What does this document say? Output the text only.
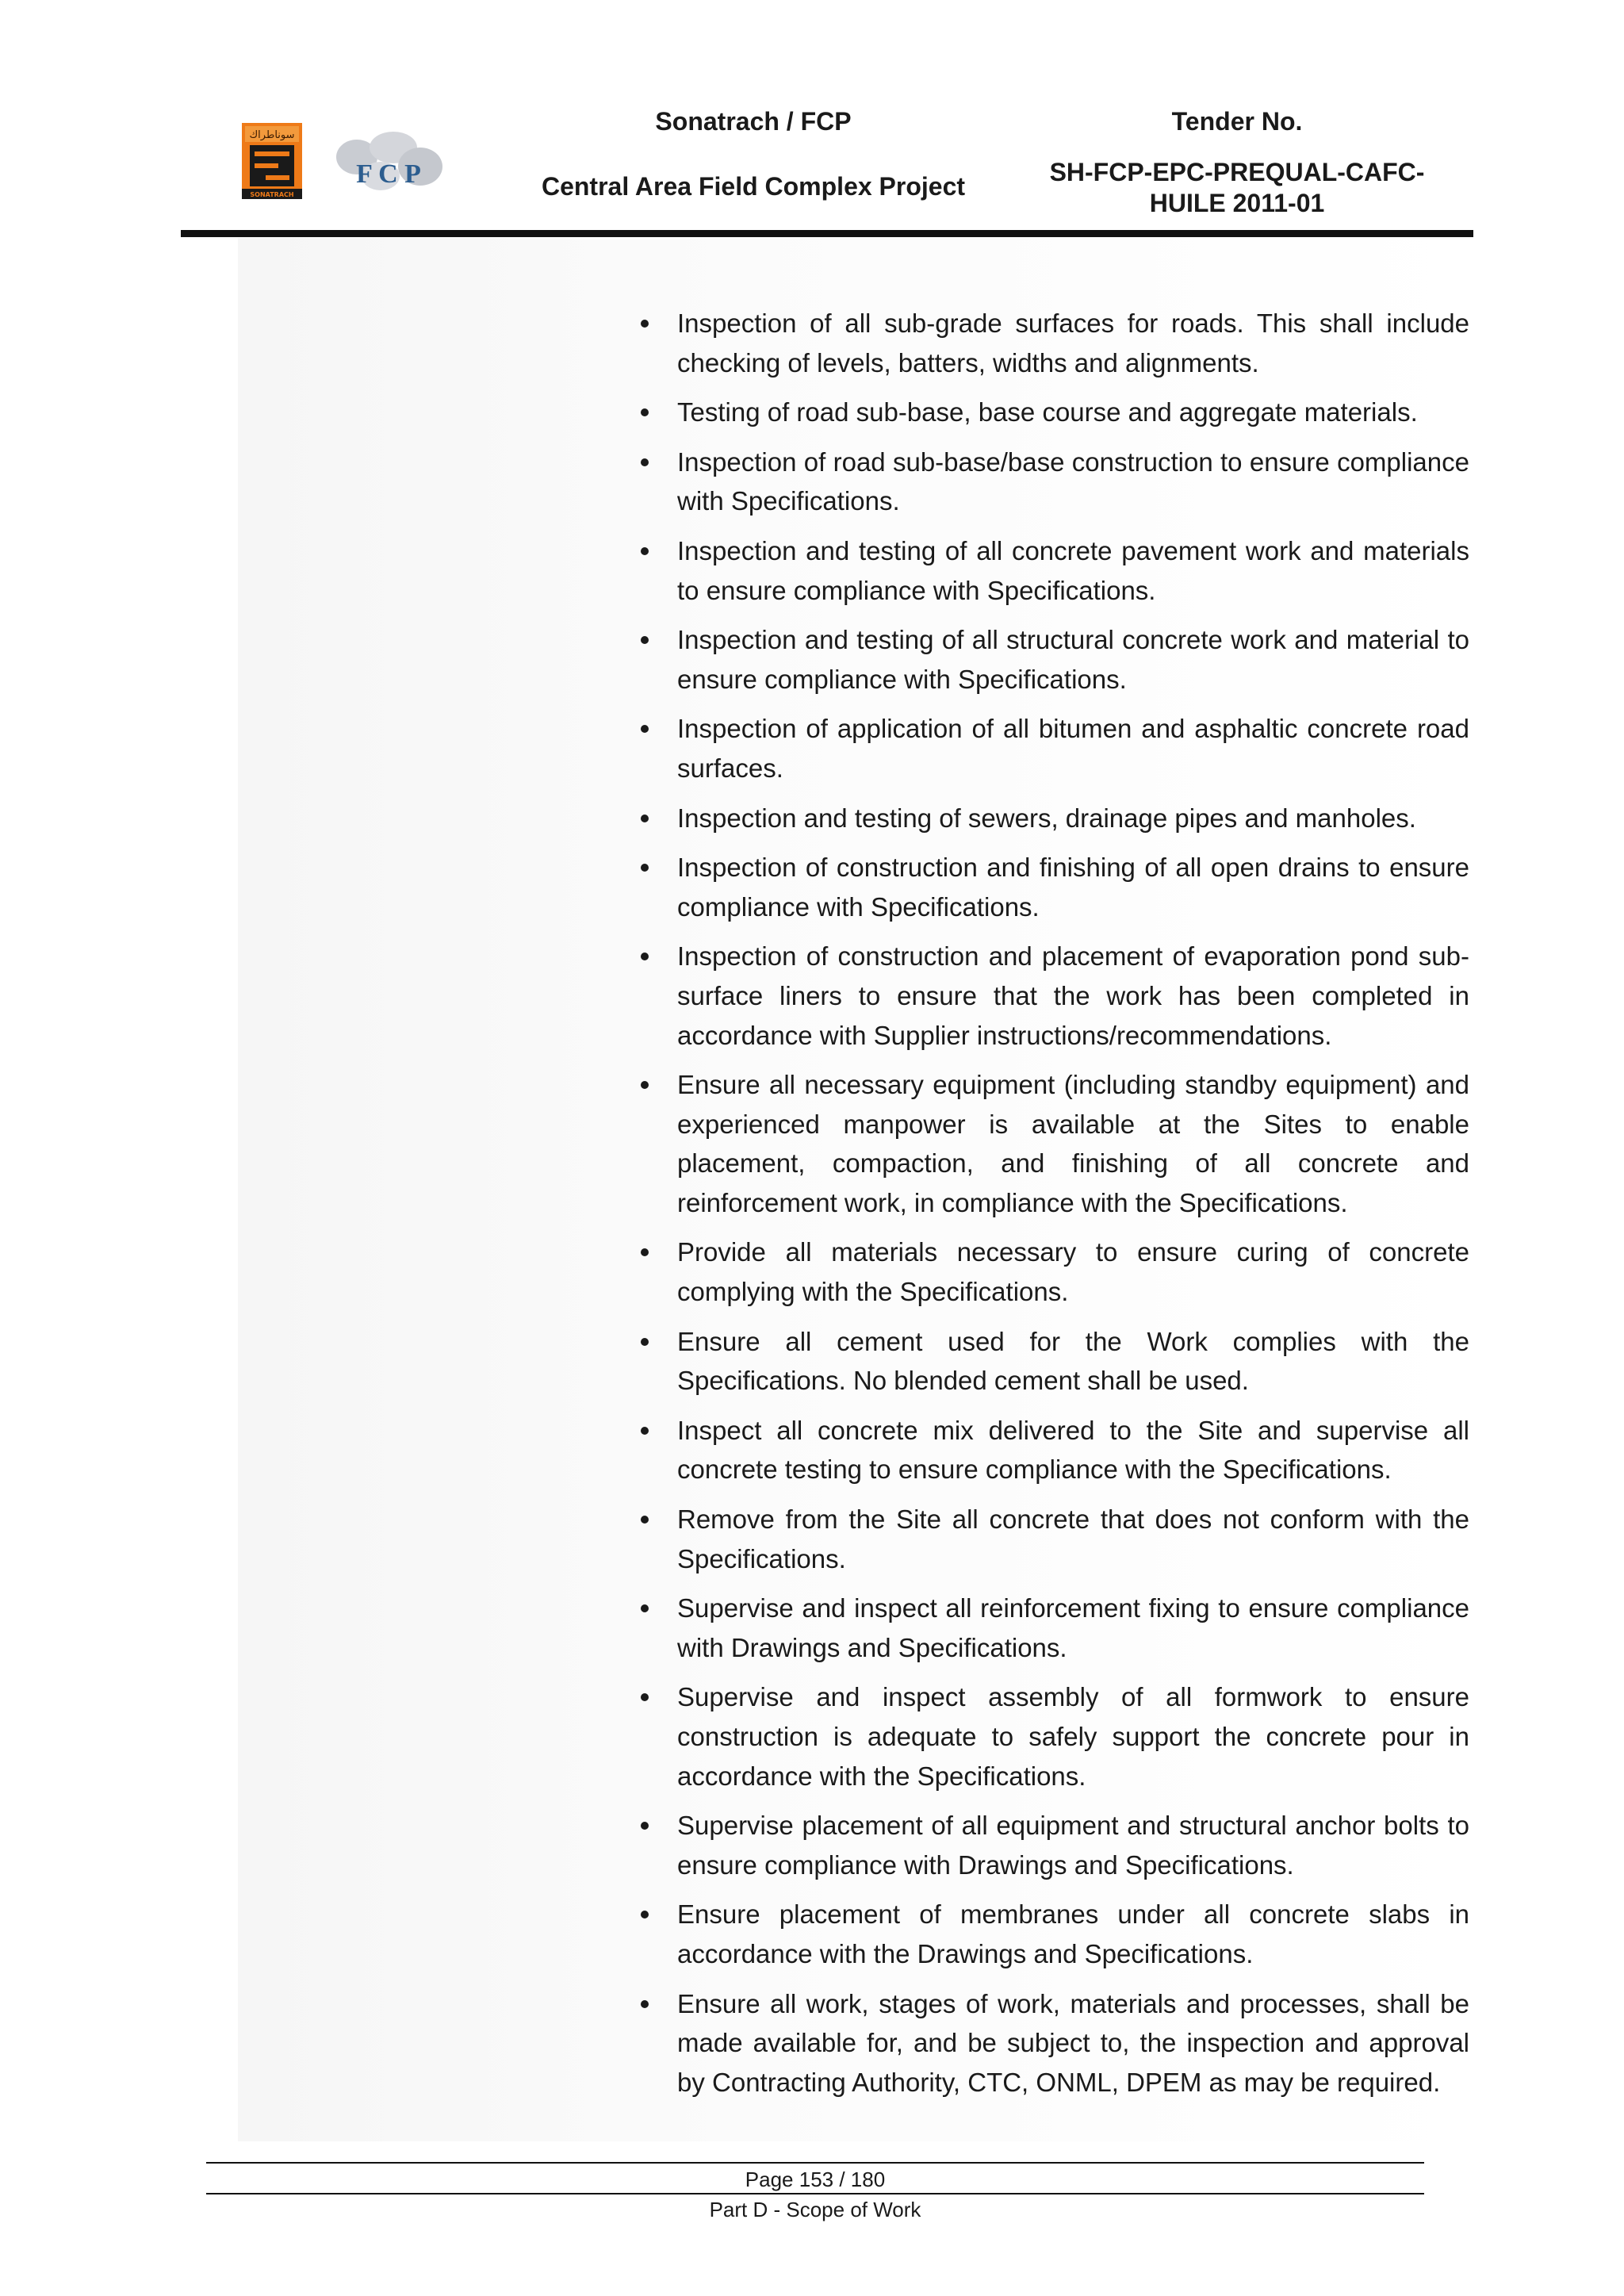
سوناطراك
SONATRACH
F C P
Sonatrach / FCP
Central Area Field Complex Project
Tender No.
SH-FCP-EPC-PREQUAL-CAFC-
HUILE 2011-01
Inspection of all sub-grade surfaces for roads. This shall include checking of levels, batters, widths and alignments.
Testing of road sub-base, base course and aggregate materials.
Inspection of road sub-base/base construction to ensure compliance with Specifications.
Inspection and testing of all concrete pavement work and materials to ensure compliance with Specifications.
Inspection and testing of all structural concrete work and material to ensure compliance with Specifications.
Inspection of application of all bitumen and asphaltic concrete road surfaces.
Inspection and testing of sewers, drainage pipes and manholes.
Inspection of construction and finishing of all open drains to ensure compliance with Specifications.
Inspection of construction and placement of evaporation pond sub-surface liners to ensure that the work has been completed in accordance with Supplier instructions/recommendations.
Ensure all necessary equipment (including standby equipment) and experienced manpower is available at the Sites to enable placement, compaction, and finishing of all concrete and reinforcement work, in compliance with the Specifications.
Provide all materials necessary to ensure curing of concrete complying with the Specifications.
Ensure all cement used for the Work complies with the Specifications. No blended cement shall be used.
Inspect all concrete mix delivered to the Site and supervise all concrete testing to ensure compliance with the Specifications.
Remove from the Site all concrete that does not conform with the Specifications.
Supervise and inspect all reinforcement fixing to ensure compliance with Drawings and Specifications.
Supervise and inspect assembly of all formwork to ensure construction is adequate to safely support the concrete pour in accordance with the Specifications.
Supervise placement of all equipment and structural anchor bolts to ensure compliance with Drawings and Specifications.
Ensure placement of membranes under all concrete slabs in accordance with the Drawings and Specifications.
Ensure all work, stages of work, materials and processes, shall be made available for, and be subject to, the inspection and approval by Contracting Authority, CTC, ONML, DPEM as may be required.
Page 153 / 180
Part D - Scope of Work
